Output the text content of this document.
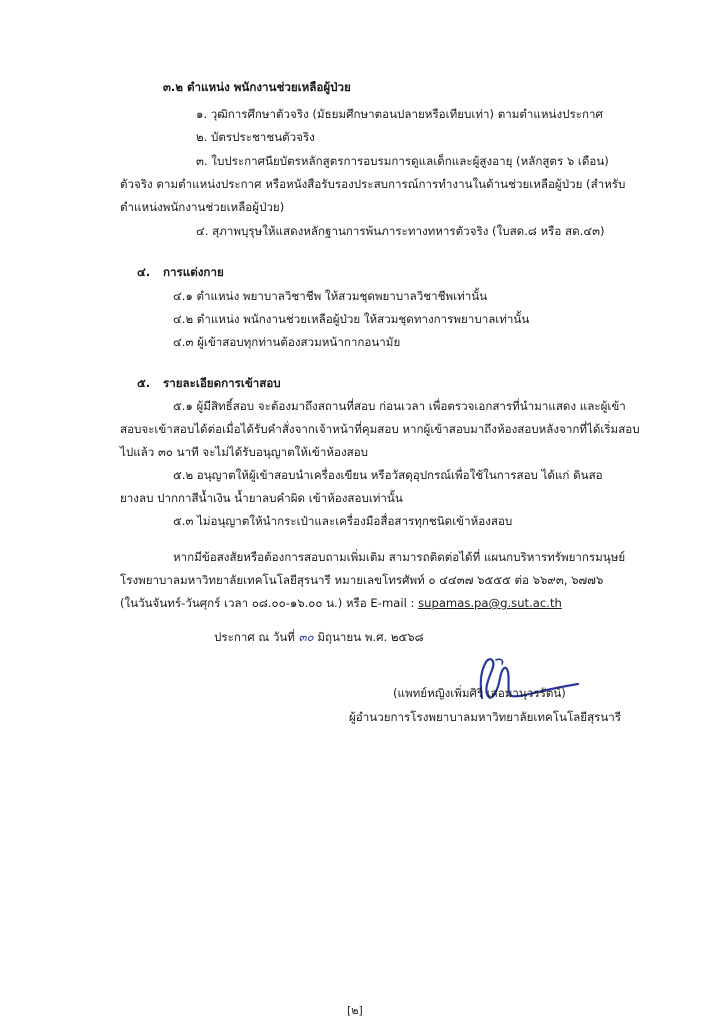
๓.๒ ตำแหน่ง พนักงานช่วยเหลือผู้ป่วย
๑. วุฒิการศึกษาตัวจริง (มัธยมศึกษาตอนปลายหรือเทียบเท่า) ตามตำแหน่งประกาศ
๒. บัตรประชาชนตัวจริง
๓. ใบประกาศนียบัตรหลักสูตรการอบรมการดูแลเด็กและผู้สูงอายุ (หลักสูตร ๖ เดือน)
ตัวจริง ตามตำแหน่งประกาศ หรือหนังสือรับรองประสบการณ์การทำงานในด้านช่วยเหลือผู้ป่วย (สำหรับ
ตำแหน่งพนักงานช่วยเหลือผู้ป่วย)
๔. สุภาพบุรุษให้แสดงหลักฐานการพ้นภาระทางทหารตัวจริง (ใบสด.๘ หรือ สด.๔๓)
๔. การแต่งกาย
๔.๑ ตำแหน่ง พยาบาลวิชาชีพ ให้สวมชุดพยาบาลวิชาชีพเท่านั้น
๔.๒ ตำแหน่ง พนักงานช่วยเหลือผู้ป่วย ให้สวมชุดทางการพยาบาลเท่านั้น
๔.๓ ผู้เข้าสอบทุกท่านต้องสวมหน้ากากอนามัย
๕. รายละเอียดการเข้าสอบ
๕.๑ ผู้มีสิทธิ์สอบ จะต้องมาถึงสถานที่สอบ ก่อนเวลา เพื่อตรวจเอกสารที่นำมาแสดง และผู้เข้า
สอบจะเข้าสอบได้ต่อเมื่อได้รับคำสั่งจากเจ้าหน้าที่คุมสอบ หากผู้เข้าสอบมาถึงห้องสอบหลังจากที่ได้เริ่มสอบ
ไปแล้ว ๓๐ นาที จะไม่ได้รับอนุญาตให้เข้าห้องสอบ
๕.๒ อนุญาตให้ผู้เข้าสอบนำเครื่องเขียน หรือวัสดุอุปกรณ์เพื่อใช้ในการสอบ ได้แก่ ดินสอ
ยางลบ ปากกาสีน้ำเงิน น้ำยาลบคำผิด เข้าห้องสอบเท่านั้น
๕.๓ ไม่อนุญาตให้นำกระเป๋าและเครื่องมือสื่อสารทุกชนิดเข้าห้องสอบ
หากมีข้อสงสัยหรือต้องการสอบถามเพิ่มเติม สามารถติดต่อได้ที่ แผนกบริหารทรัพยากรมนุษย์
โรงพยาบาลมหาวิทยาลัยเทคโนโลยีสุรนารี หมายเลขโทรศัพท์ ๐ ๔๔๓๗ ๖๕๕๕ ต่อ ๖๖๙๓, ๖๗๗๖
(ในวันจันทร์-วันศุกร์ เวลา ๐๘.๐๐-๑๖.๐๐ น.) หรือ E-mail : supamas.pa@g.sut.ac.th
ประกาศ ณ วันที่ ๓๐ มิถุนายน พ.ศ. ๒๕๖๘
(แพทย์หญิงเพิ่มศิริ เสอมานุวรรัตน์)
ผู้อำนวยการโรงพยาบาลมหาวิทยาลัยเทคโนโลยีสุรนารี
[๒]
